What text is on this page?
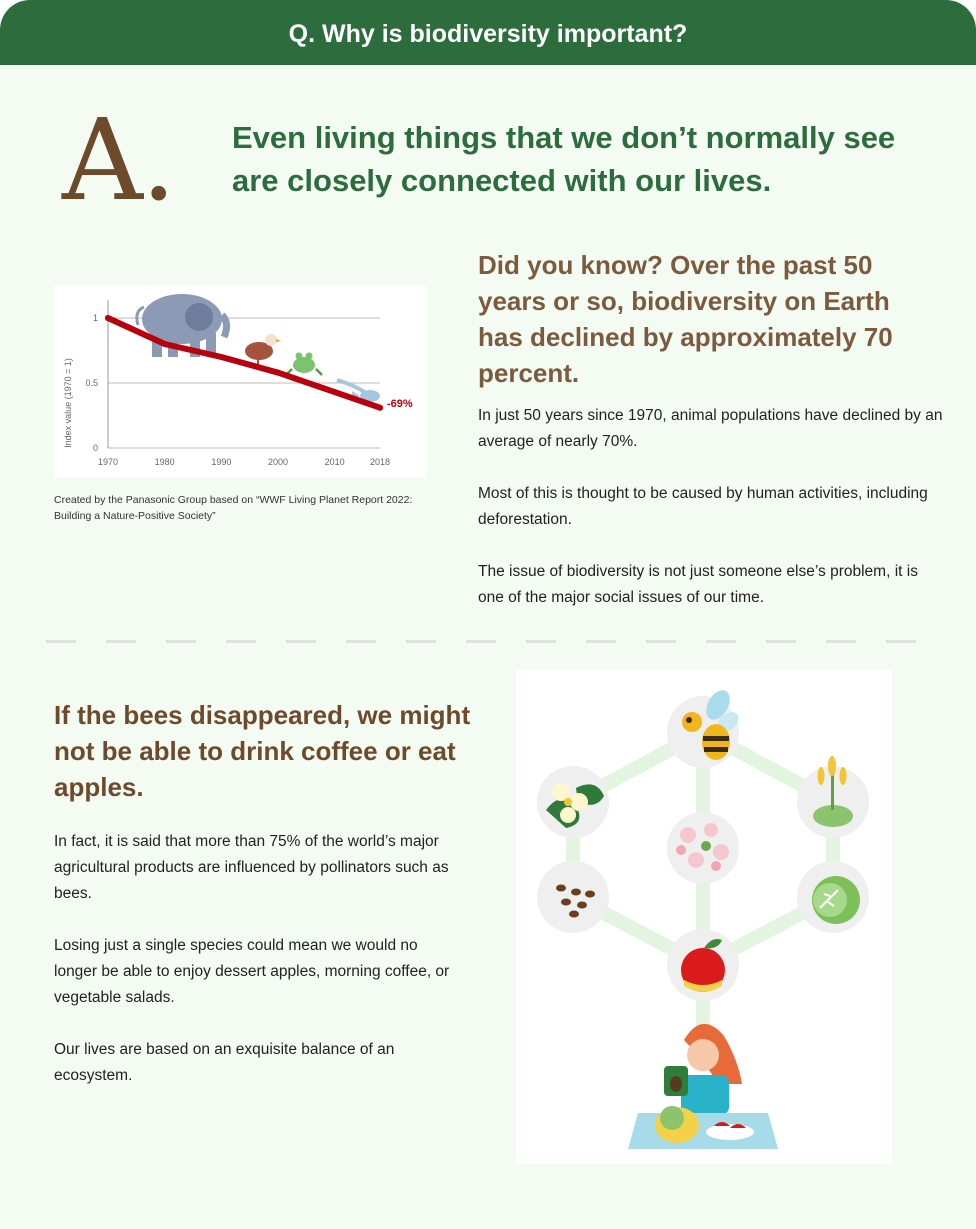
Q. Why is biodiversity important?
A. Even living things that we don’t normally see are closely connected with our lives.
0
0.5
1
1970	1980	1990	2000	2010	2018
Index value (1970 = 1)	-69%
Created by the Panasonic Group based on “WWF Living Planet Report 2022: Building a Nature-Positive Society”
Did you know? Over the past 50 years or so, biodiversity on Earth has declined by approximately 70 percent.

In just 50 years since 1970, animal populations have declined by an average of nearly 70%.

Most of this is thought to be caused by human activities, including deforestation.

The issue of biodiversity is not just someone else’s problem, it is one of the major social issues of our time.

If the bees disappeared, we might not be able to drink coffee or eat apples.

In fact, it is said that more than 75% of the world’s major agricultural products are influenced by pollinators such as bees.

Losing just a single species could mean we would no longer be able to enjoy dessert apples, morning coffee, or vegetable salads.

Our lives are based on an exquisite balance of an ecosystem.
